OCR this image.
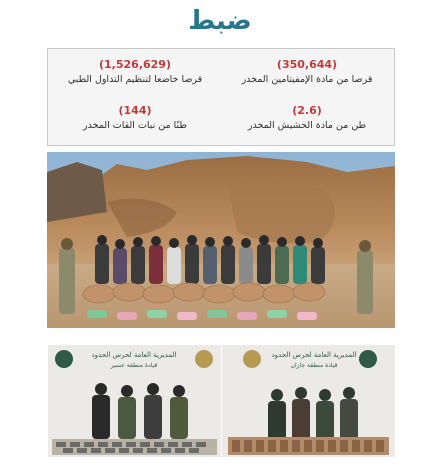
ضبط
(350,644)
قرصا من مادة الإمفيتامين المخدر
(1,526,629)
قرصا خاضعا لتنظيم التداول الطبي
(2.6)
طن من مادة الحشيش المخدر
(144)
طنًا من نبات القات المخدر
المديرية العامة لحرس الحدود
قيادة منطقة عسير
المديرية العامة لحرس الحدود
قيادة منطقة جازان
